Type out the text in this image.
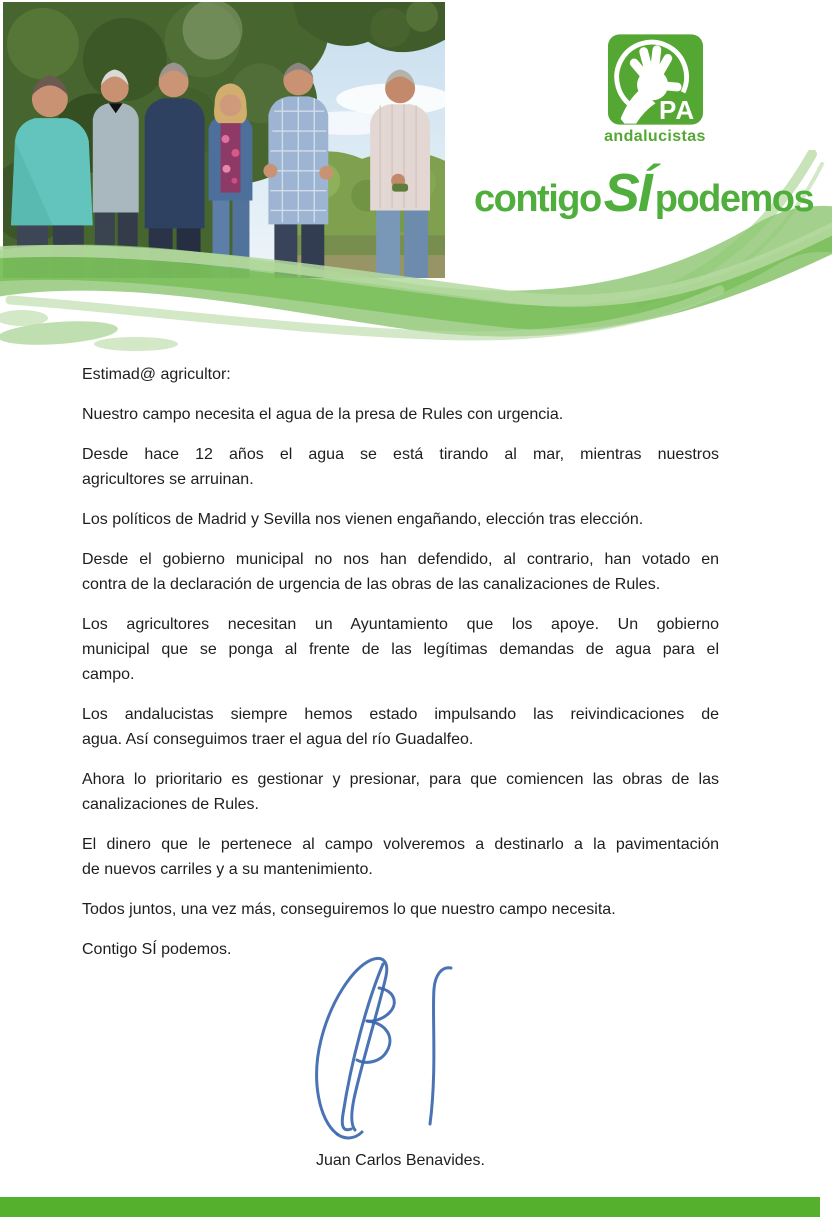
PA
andalucistas
contigo SÍ podemos
Estimad@ agricultor:
Nuestro campo necesita el agua de la presa de Rules con urgencia.
Desde hace 12 años el agua se está tirando al mar, mientras nuestros
agricultores se arruinan.
Los políticos de Madrid y Sevilla nos vienen engañando, elección tras elección.
Desde el gobierno municipal no nos han defendido, al contrario, han votado en
contra de la declaración de urgencia de las obras de las canalizaciones de Rules.
Los agricultores necesitan un Ayuntamiento que los apoye. Un gobierno
municipal que se ponga al frente de las legítimas demandas de agua para el
campo.
Los andalucistas siempre hemos estado impulsando las reivindicaciones de
agua. Así conseguimos traer el agua del río Guadalfeo.
Ahora lo prioritario es gestionar y presionar, para que comiencen las obras de las
canalizaciones de Rules.
El dinero que le pertenece al campo volveremos a destinarlo a la pavimentación
de nuevos carriles y a su mantenimiento.
Todos juntos, una vez más, conseguiremos lo que nuestro campo necesita.
Contigo SÍ podemos.
Juan Carlos Benavides.
